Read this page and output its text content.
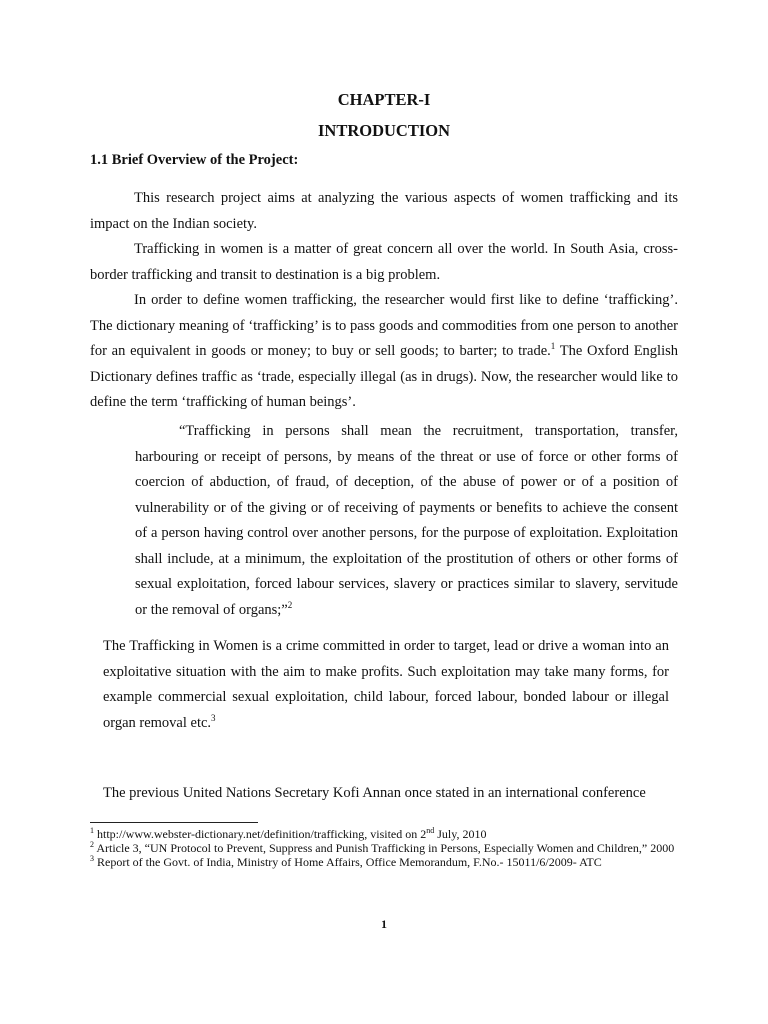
CHAPTER-I

INTRODUCTION

1.1 Brief Overview of the Project:

This research project aims at analyzing the various aspects of women trafficking and its impact on the Indian society.

Trafficking in women is a matter of great concern all over the world. In South Asia, cross-border trafficking and transit to destination is a big problem.

In order to define women trafficking, the researcher would first like to define ‘trafficking’. The dictionary meaning of ‘trafficking’ is to pass goods and commodities from one person to another for an equivalent in goods or money; to buy or sell goods; to barter; to trade.$^1$ The Oxford English Dictionary defines traffic as ‘trade, especially illegal (as in drugs). Now, the researcher would like to define the term ‘trafficking of human beings’.

“Trafficking in persons shall mean the recruitment, transportation, transfer, harbouring or receipt of persons, by means of the threat or use of force or other forms of coercion of abduction, of fraud, of deception, of the abuse of power or of a position of vulnerability or of the giving or of receiving of payments or benefits to achieve the consent of a person having control over another persons, for the purpose of exploitation. Exploitation shall include, at a minimum, the exploitation of the prostitution of others or other forms of sexual exploitation, forced labour services, slavery or practices similar to slavery, servitude or the removal of organs;”$^2$

The Trafficking in Women is a crime committed in order to target, lead or drive a woman into an exploitative situation with the aim to make profits. Such exploitation may take many forms, for example commercial sexual exploitation, child labour, forced labour, bonded labour or illegal organ removal etc.$^3$

The previous United Nations Secretary Kofi Annan once stated in an international conference

$^1$ http://www.webster-dictionary.net/definition/trafficking, visited on 2nd July, 2010

$^2$ Article 3, “UN Protocol to Prevent, Suppress and Punish Trafficking in Persons, Especially Women and Children,” 2000

$^3$ Report of the Govt. of India, Ministry of Home Affairs, Office Memorandum, F.No.- 15011/6/2009- ATC

1
